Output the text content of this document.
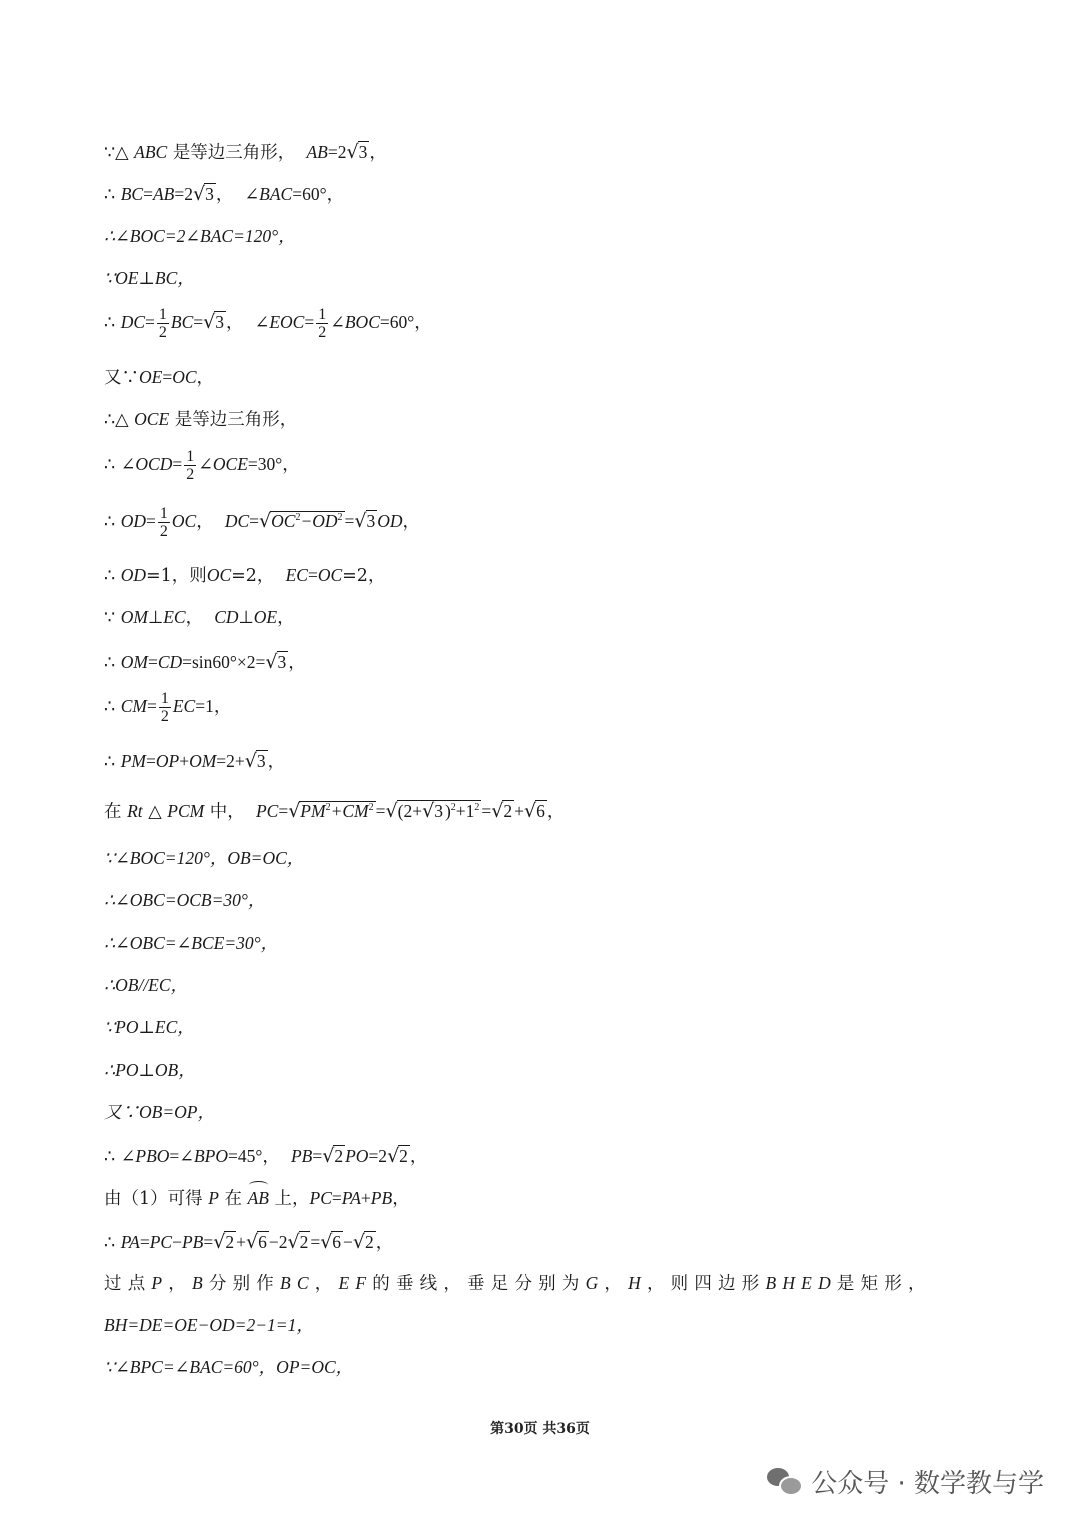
∵△ ABC 是等边三角形， AB=2√3 ，
∴ BC=AB=2√3 ， ∠BAC=60°，
∴∠BOC=2∠BAC=120°，
∵OE⊥BC，
∴ $DC= \frac{1}{2} BC=√3$ ， ∠EOC= $\frac{1}{2}$ ∠BOC=60°，
又∵OE=OC，
∴△ OCE 是等边三角形，
∴ ∠OCD= $\frac{1}{2}$ ∠OCE=30°，
∴ $OD= \frac{1}{2}$ OC， $DC=√OC^2-OD^2 =√3$ OD，
∴ OD=1，则OC=2， EC=OC=2，
∵ OM⊥EC， CD⊥OE，
∴ OM=CD=sin60°×2=√3 ，
∴ $CM= \frac{1}{2} EC=1$，
∴ PM=OP+OM=2+√3 ，
在 Rt △ PCM 中， $PC=√PM^2+CM^2 =√(2+√3$ )$^2+1^2 =√2 +√6$ ，
∵∠BOC=120°，OB=OC，
∴∠OBC=OCB=30°，
∴∠OBC=∠BCE=30°，
∴OB//EC，
∵PO⊥EC，
∴PO⊥OB，
又∵OB=OP，
∴ ∠PBO=∠BPO=45°， PB=√2 PO=2√2 ，
由（1）可得 P 在 AB 上，PC=PA+PB，
∴ PA=PC−PB=√2 +√6 −2√2 =√6 −√2 ，
过点P，B分别作BC，EF的垂线，垂足分别为G，H，则四边形BHED是矩形，
BH=DE=OE−OD=2−1=1，
∵∠BPC=∠BAC=60°，OP=OC，
第30页 共36页
公众号 · 数学教与学
